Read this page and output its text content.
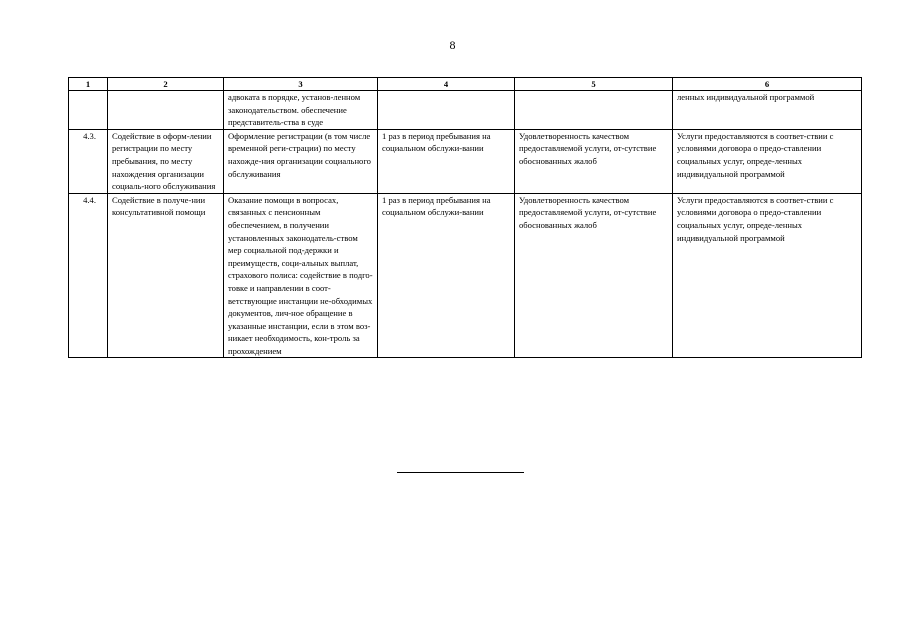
8
1	2	3	4	5	6
		адвоката в порядке, установ-ленном законодательством. обеспечение представитель-ства в суде			ленных индивидуальной программой
4.3.	Содействие в оформ-лении регистрации по месту пребывания, по месту нахождения организации социаль-ного обслуживания	Оформление регистрации (в том числе временной реги-страции) по месту нахожде-ния организации социального обслуживания	1 раз в период пребывания на социальном обслужи-вании	Удовлетворенность качеством предоставляемой услуги, от-сутствие обоснованных жалоб	Услуги предоставляются в соответ-ствии с условиями договора о предо-ставлении социальных услуг, опреде-ленных индивидуальной программой
4.4.	Содействие в получе-нии консультативной помощи	Оказание помощи в вопросах, связанных с пенсионным обеспечением, в получении установленных законодатель-ством мер социальной под-держки и преимуществ, соци-альных выплат, страхового полиса: содействие в подго-товке и направлении в соот-ветствующие инстанции не-обходимых документов, лич-ное обращение в указанные инстанции, если в этом воз-никает необходимость, кон-троль за прохождением	1 раз в период пребывания на социальном обслужи-вании	Удовлетворенность качеством предоставляемой услуги, от-сутствие обоснованных жалоб	Услуги предоставляются в соответ-ствии с условиями договора о предо-ставлении социальных услуг, опреде-ленных индивидуальной программой
